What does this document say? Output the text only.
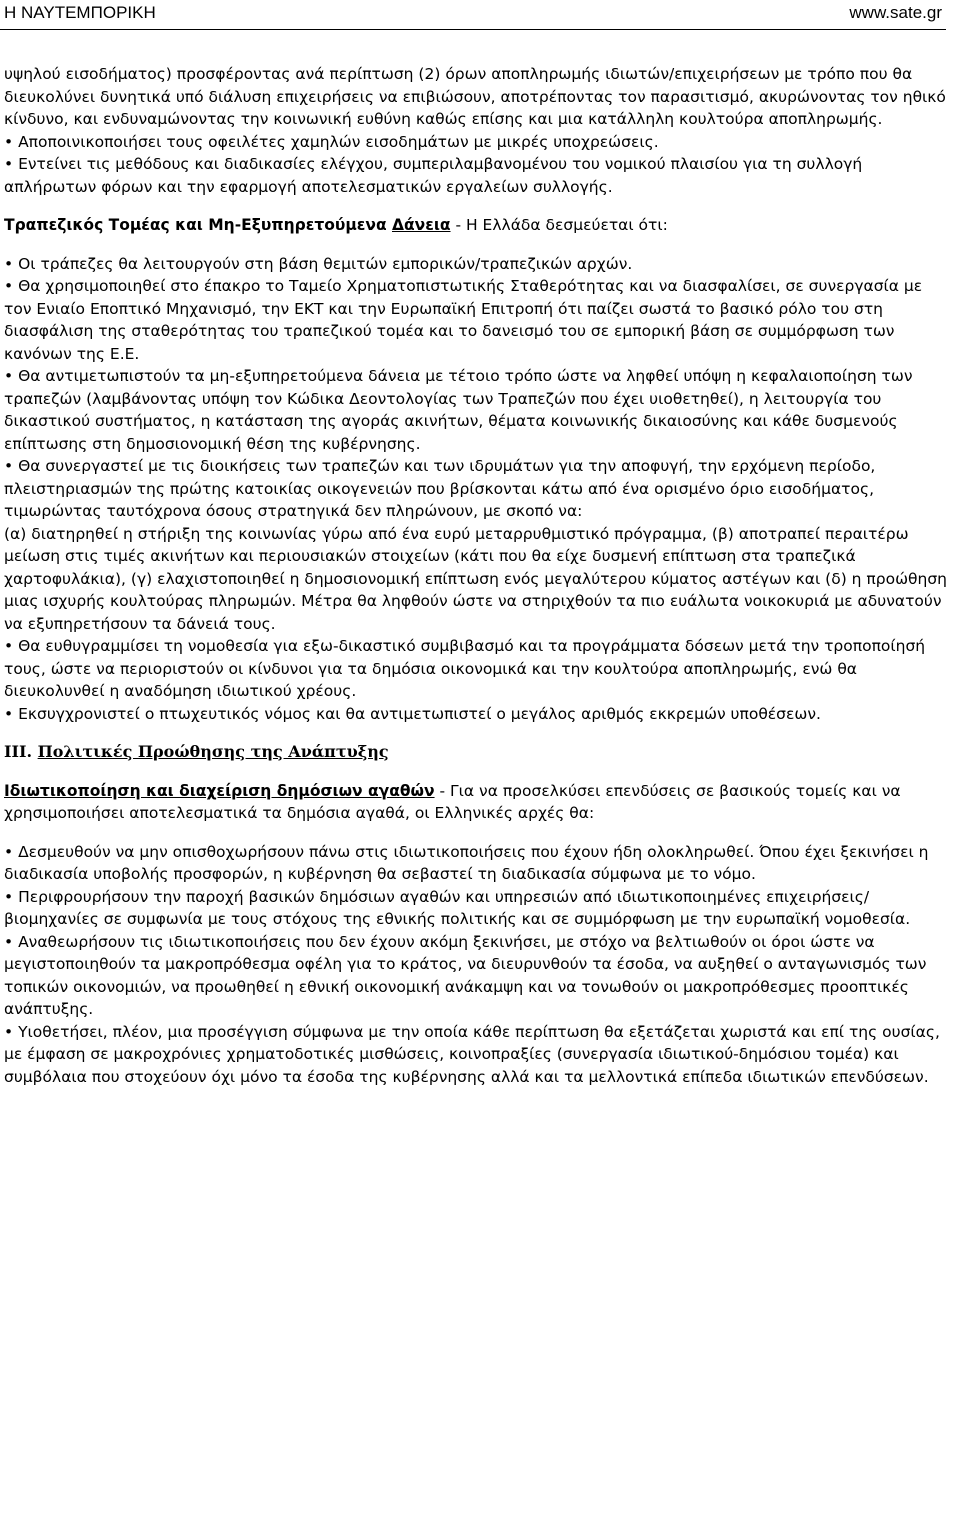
Η ΝΑΥΤΕΜΠΟΡΙΚΗ	www.sate.gr

υψηλού εισοδήματος) προσφέροντας ανά περίπτωση (2) όρων αποπληρωμής ιδιωτών/επιχειρήσεων με τρόπο που θα διευκολύνει δυνητικά υπό διάλυση επιχειρήσεις να επιβιώσουν, αποτρέποντας τον παρασιτισμό, ακυρώνοντας τον ηθικό κίνδυνο, και ενδυναμώνοντας την κοινωνική ευθύνη καθώς επίσης και μια κατάλληλη κουλτούρα αποπληρωμής.

• Αποποινικοποιήσει τους οφειλέτες χαμηλών εισοδημάτων με μικρές υποχρεώσεις.

• Εντείνει τις μεθόδους και διαδικασίες ελέγχου, συμπεριλαμβανομένου του νομικού πλαισίου για τη συλλογή απλήρωτων φόρων και την εφαρμογή αποτελεσματικών εργαλείων συλλογής.

Τραπεζικός Τομέας και Μη-Εξυπηρετούμενα Δάνεια - Η Ελλάδα δεσμεύεται ότι:

• Οι τράπεζες θα λειτουργούν στη βάση θεμιτών εμπορικών/τραπεζικών αρχών.

• Θα χρησιμοποιηθεί στο έπακρο το Ταμείο Χρηματοπιστωτικής Σταθερότητας και να διασφαλίσει, σε συνεργασία με τον Ενιαίο Εποπτικό Μηχανισμό, την ΕΚΤ και την Ευρωπαϊκή Επιτροπή ότι παίζει σωστά το βασικό ρόλο του στη διασφάλιση της σταθερότητας του τραπεζικού τομέα και το δανεισμό του σε εμπορική βάση σε συμμόρφωση των κανόνων της Ε.Ε.

• Θα αντιμετωπιστούν τα μη-εξυπηρετούμενα δάνεια με τέτοιο τρόπο ώστε να ληφθεί υπόψη η κεφαλαιοποίηση των τραπεζών (λαμβάνοντας υπόψη τον Κώδικα Δεοντολογίας των Τραπεζών που έχει υιοθετηθεί), η λειτουργία του δικαστικού συστήματος, η κατάσταση της αγοράς ακινήτων, θέματα κοινωνικής δικαιοσύνης και κάθε δυσμενούς επίπτωσης στη δημοσιονομική θέση της κυβέρνησης.

• Θα συνεργαστεί με τις διοικήσεις των τραπεζών και των ιδρυμάτων για την αποφυγή, την ερχόμενη περίοδο, πλειστηριασμών της πρώτης κατοικίας οικογενειών που βρίσκονται κάτω από ένα ορισμένο όριο εισοδήματος, τιμωρώντας ταυτόχρονα όσους στρατηγικά δεν πληρώνουν, με σκοπό να:

(α) διατηρηθεί η στήριξη της κοινωνίας γύρω από ένα ευρύ μεταρρυθμιστικό πρόγραμμα, (β) αποτραπεί περαιτέρω μείωση στις τιμές ακινήτων και περιουσιακών στοιχείων (κάτι που θα είχε δυσμενή επίπτωση στα τραπεζικά χαρτοφυλάκια), (γ) ελαχιστοποιηθεί η δημοσιονομική επίπτωση ενός μεγαλύτερου κύματος αστέγων και (δ) η προώθηση μιας ισχυρής κουλτούρας πληρωμών. Μέτρα θα ληφθούν ώστε να στηριχθούν τα πιο ευάλωτα νοικοκυριά με αδυνατούν να εξυπηρετήσουν τα δάνειά τους.

• Θα ευθυγραμμίσει τη νομοθεσία για εξω-δικαστικό συμβιβασμό και τα προγράμματα δόσεων μετά την τροποποίησή τους, ώστε να περιοριστούν οι κίνδυνοι για τα δημόσια οικονομικά και την κουλτούρα αποπληρωμής, ενώ θα διευκολυνθεί η αναδόμηση ιδιωτικού χρέους.

• Εκσυγχρονιστεί ο πτωχευτικός νόμος και θα αντιμετωπιστεί ο μεγάλος αριθμός εκκρεμών υποθέσεων.

III. Πολιτικές Προώθησης της Ανάπτυξης

Ιδιωτικοποίηση και διαχείριση δημόσιων αγαθών - Για να προσελκύσει επενδύσεις σε βασικούς τομείς και να χρησιμοποιήσει αποτελεσματικά τα δημόσια αγαθά, οι Ελληνικές αρχές θα:

• Δεσμευθούν να μην οπισθοχωρήσουν πάνω στις ιδιωτικοποιήσεις που έχουν ήδη ολοκληρωθεί. Όπου έχει ξεκινήσει η διαδικασία υποβολής προσφορών, η κυβέρνηση θα σεβαστεί τη διαδικασία σύμφωνα με το νόμο.

• Περιφρουρήσουν την παροχή βασικών δημόσιων αγαθών και υπηρεσιών από ιδιωτικοποιημένες επιχειρήσεις/βιομηχανίες σε συμφωνία με τους στόχους της εθνικής πολιτικής και σε συμμόρφωση με την ευρωπαϊκή νομοθεσία.

• Αναθεωρήσουν τις ιδιωτικοποιήσεις που δεν έχουν ακόμη ξεκινήσει, με στόχο να βελτιωθούν οι όροι ώστε να μεγιστοποιηθούν τα μακροπρόθεσμα οφέλη για το κράτος, να διευρυνθούν τα έσοδα, να αυξηθεί ο ανταγωνισμός των τοπικών οικονομιών, να προωθηθεί η εθνική οικονομική ανάκαμψη και να τονωθούν οι μακροπρόθεσμες προοπτικές ανάπτυξης.

• Υιοθετήσει, πλέον, μια προσέγγιση σύμφωνα με την οποία κάθε περίπτωση θα εξετάζεται χωριστά και επί της ουσίας, με έμφαση σε μακροχρόνιες χρηματοδοτικές μισθώσεις, κοινοπραξίες (συνεργασία ιδιωτικού-δημόσιου τομέα) και συμβόλαια που στοχεύουν όχι μόνο τα έσοδα της κυβέρνησης αλλά και τα μελλοντικά επίπεδα ιδιωτικών επενδύσεων.
